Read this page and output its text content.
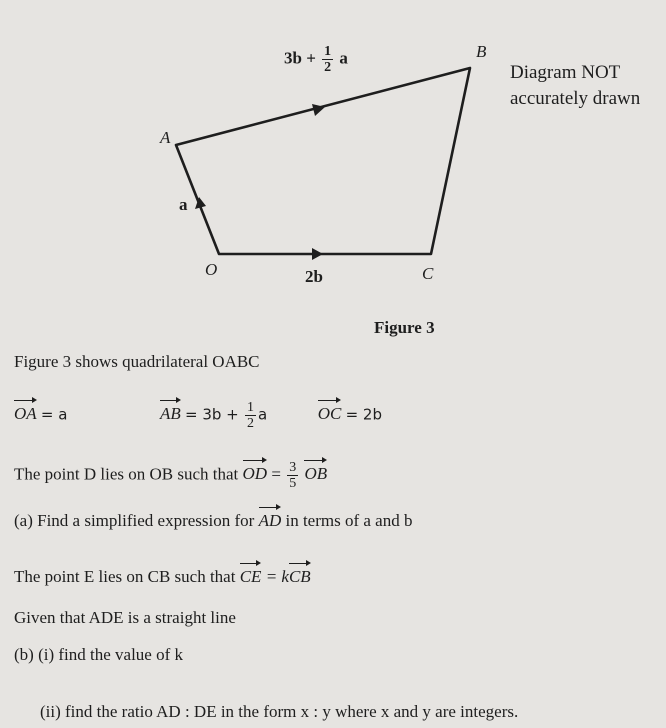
$3b + \frac{1}{2}$ a	B
A
a
O	2b	C
Diagram NOT
accurately drawn
Figure 3
Figure 3 shows quadrilateral OABC
OA = a	AB = $3b + \frac{1}{2}$ a	OC = 2b
The point D lies on OB such that OD = $\frac{3}{5}$ OB
(a) Find a simplified expression for AD in terms of a and b
The point E lies on CB such that CE = kCB
Given that ADE is a straight line
(b) (i) find the value of k
(ii) find the ratio AD : DE in the form x : y where x and y are integers.
